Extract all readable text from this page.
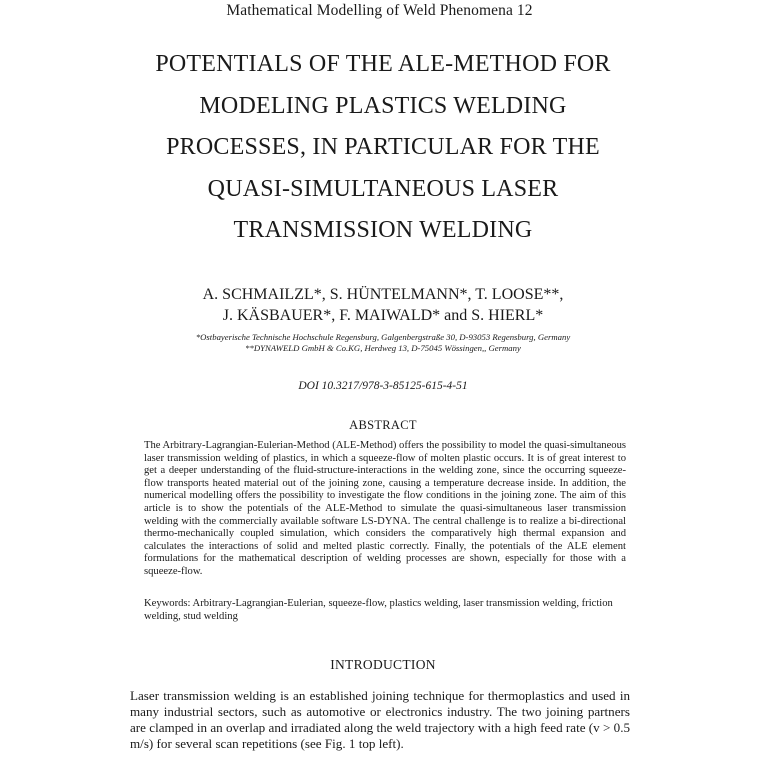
Mathematical Modelling of Weld Phenomena 12
POTENTIALS OF THE ALE-METHOD FOR
MODELING PLASTICS WELDING
PROCESSES, IN PARTICULAR FOR THE
QUASI-SIMULTANEOUS LASER
TRANSMISSION WELDING
A. SCHMAILZL*, S. HÜNTELMANN*, T. LOOSE**,
J. KÄSBAUER*, F. MAIWALD* and S. HIERL*
*Ostbayerische Technische Hochschule Regensburg, Galgenbergstraße 30, D-93053 Regensburg, Germany
**DYNAWELD GmbH & Co.KG, Herdweg 13, D-75045 Wössingen,, Germany
DOI 10.3217/978-3-85125-615-4-51
ABSTRACT
The Arbitrary-Lagrangian-Eulerian-Method (ALE-Method) offers the possibility to model the quasi-simultaneous laser transmission welding of plastics, in which a squeeze-flow of molten plastic occurs. It is of great interest to get a deeper understanding of the fluid-structure-interactions in the welding zone, since the occurring squeeze-flow transports heated material out of the joining zone, causing a temperature decrease inside. In addition, the numerical modelling offers the possibility to investigate the flow conditions in the joining zone. The aim of this article is to show the potentials of the ALE-Method to simulate the quasi-simultaneous laser transmission welding with the commercially available software LS-DYNA. The central challenge is to realize a bi-directional thermo-mechanically coupled simulation, which considers the comparatively high thermal expansion and calculates the interactions of solid and melted plastic correctly. Finally, the potentials of the ALE element formulations for the mathematical description of welding processes are shown, especially for those with a squeeze-flow.
Keywords: Arbitrary-Lagrangian-Eulerian, squeeze-flow, plastics welding, laser transmission welding, friction welding, stud welding
INTRODUCTION
Laser transmission welding is an established joining technique for thermoplastics and used in many industrial sectors, such as automotive or electronics industry. The two joining partners are clamped in an overlap and irradiated along the weld trajectory with a high feed rate (v > 0.5 m/s) for several scan repetitions (see Fig. 1 top left).
